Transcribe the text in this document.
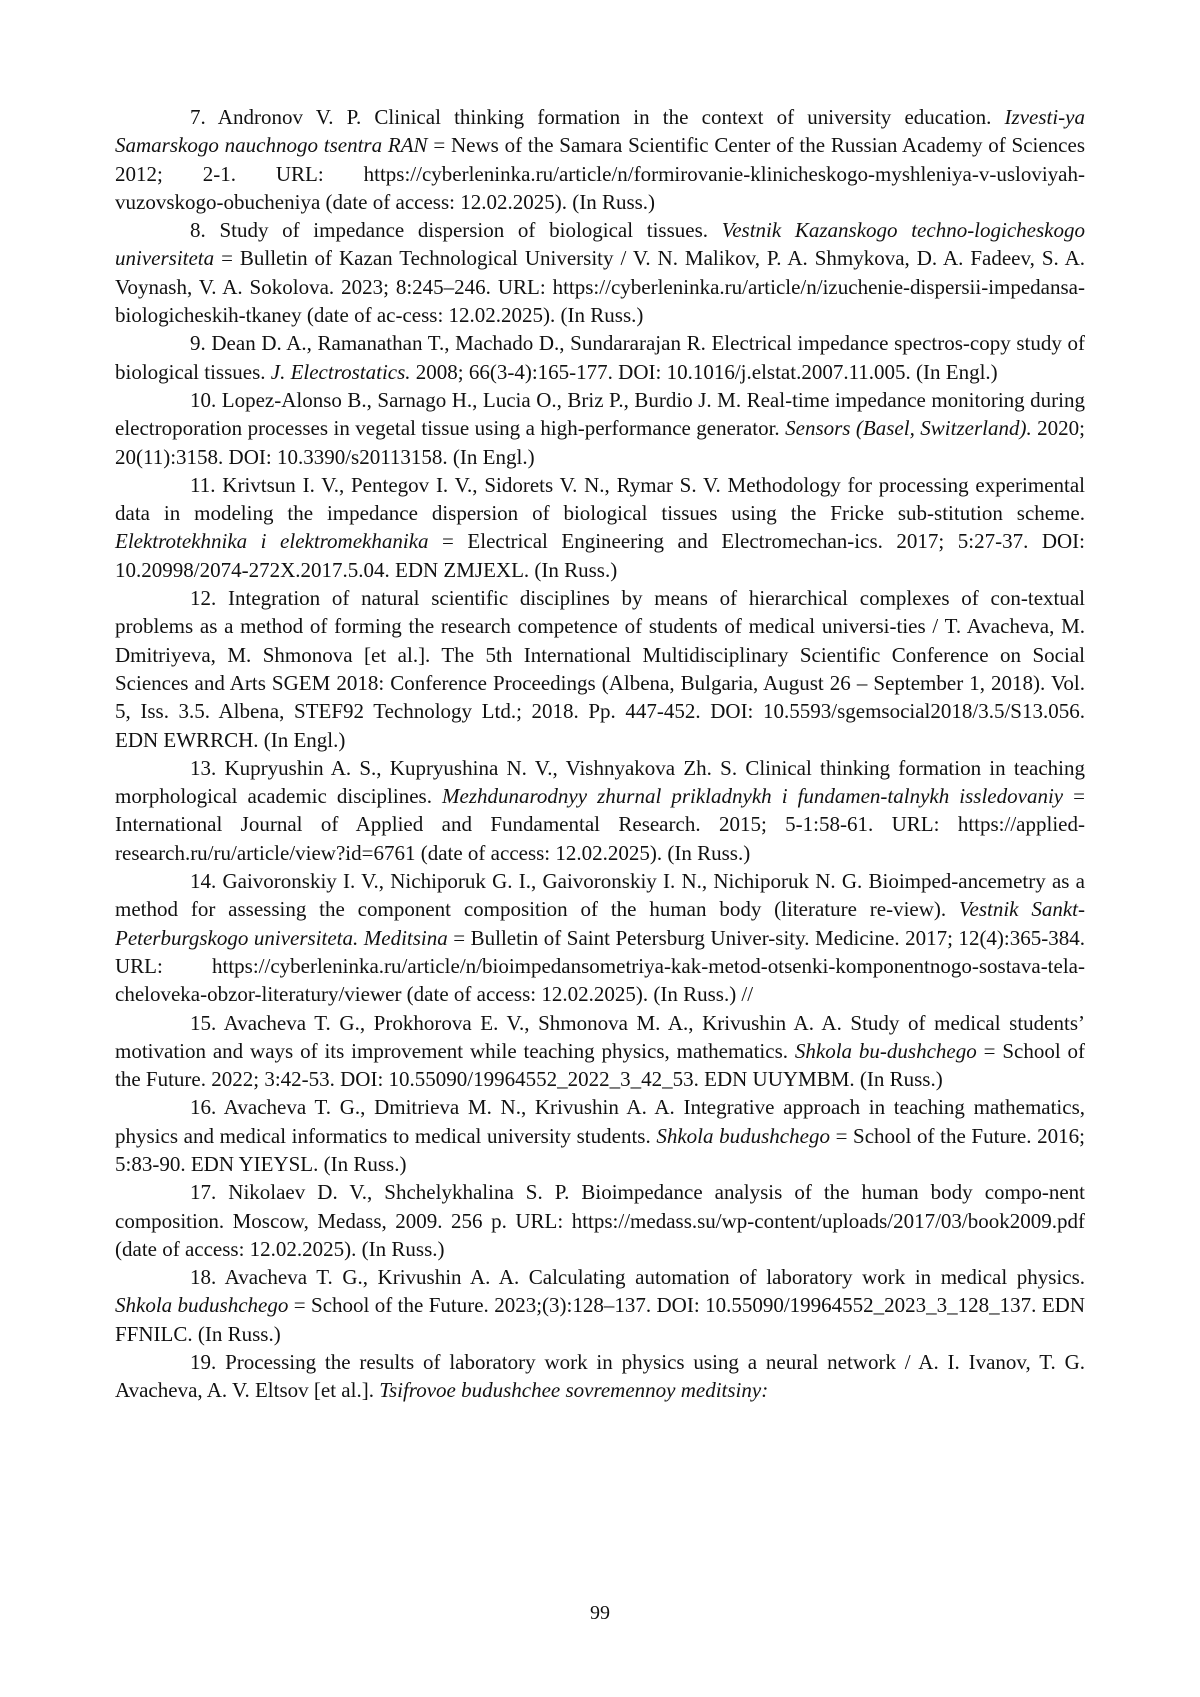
7. Andronov V. P. Clinical thinking formation in the context of university education. Izvesti-ya Samarskogo nauchnogo tsentra RAN = News of the Samara Scientific Center of the Russian Academy of Sciences 2012; 2-1. URL: https://cyberleninka.ru/article/n/formirovanie-klinicheskogo-myshleniya-v-usloviyah-vuzovskogo-obucheniya (date of access: 12.02.2025). (In Russ.)

8. Study of impedance dispersion of biological tissues. Vestnik Kazanskogo techno-logicheskogo universiteta = Bulletin of Kazan Technological University / V. N. Malikov, P. A. Shmykova, D. A. Fadeev, S. A. Voynash, V. A. Sokolova. 2023; 8:245–246. URL: https://cyberleninka.ru/article/n/izuchenie-dispersii-impedansa-biologicheskih-tkaney (date of ac-cess: 12.02.2025). (In Russ.)

9. Dean D. A., Ramanathan T., Machado D., Sundararajan R. Electrical impedance spectros-copy study of biological tissues. J. Electrostatics. 2008; 66(3-4):165-177. DOI: 10.1016/j.elstat.2007.11.005. (In Engl.)

10. Lopez-Alonso B., Sarnago H., Lucia O., Briz P., Burdio J. M. Real-time impedance monitoring during electroporation processes in vegetal tissue using a high-performance generator. Sensors (Basel, Switzerland). 2020; 20(11):3158. DOI: 10.3390/s20113158. (In Engl.)

11. Krivtsun I. V., Pentegov I. V., Sidorets V. N., Rymar S. V. Methodology for processing experimental data in modeling the impedance dispersion of biological tissues using the Fricke sub-stitution scheme. Elektrotekhnika i elektromekhanika = Electrical Engineering and Electromechan-ics. 2017; 5:27-37. DOI: 10.20998/2074-272X.2017.5.04. EDN ZMJEXL. (In Russ.)

12. Integration of natural scientific disciplines by means of hierarchical complexes of con-textual problems as a method of forming the research competence of students of medical universi-ties / T. Avacheva, M. Dmitriyeva, M. Shmonova [et al.]. The 5th International Multidisciplinary Scientific Conference on Social Sciences and Arts SGEM 2018: Conference Proceedings (Albena, Bulgaria, August 26 – September 1, 2018). Vol. 5, Iss. 3.5. Albena, STEF92 Technology Ltd.; 2018. Pp. 447-452. DOI: 10.5593/sgemsocial2018/3.5/S13.056. EDN EWRRCH. (In Engl.)

13. Kupryushin A. S., Kupryushina N. V., Vishnyakova Zh. S. Clinical thinking formation in teaching morphological academic disciplines. Mezhdunarodnyy zhurnal prikladnykh i fundamen-talnykh issledovaniy = International Journal of Applied and Fundamental Research. 2015; 5-1:58-61. URL: https://applied-research.ru/ru/article/view?id=6761 (date of access: 12.02.2025). (In Russ.)

14. Gaivoronskiy I. V., Nichiporuk G. I., Gaivoronskiy I. N., Nichiporuk N. G. Bioimped-ancemetry as a method for assessing the component composition of the human body (literature re-view). Vestnik Sankt-Peterburgskogo universiteta. Meditsina = Bulletin of Saint Petersburg Univer-sity. Medicine. 2017; 12(4):365-384. URL: https://cyberleninka.ru/article/n/bioimpedansometriya-kak-metod-otsenki-komponentnogo-sostava-tela-cheloveka-obzor-literatury/viewer (date of access: 12.02.2025). (In Russ.) //

15. Avacheva T. G., Prokhorova E. V., Shmonova M. A., Krivushin A. A. Study of medical students’ motivation and ways of its improvement while teaching physics, mathematics. Shkola bu-dushchego = School of the Future. 2022; 3:42-53. DOI: 10.55090/19964552_2022_3_42_53. EDN UUYMBM. (In Russ.)

16. Avacheva T. G., Dmitrieva M. N., Krivushin A. A. Integrative approach in teaching mathematics, physics and medical informatics to medical university students. Shkola budushchego = School of the Future. 2016; 5:83-90. EDN YIEYSL. (In Russ.)

17. Nikolaev D. V., Shchelykhalina S. P. Bioimpedance analysis of the human body compo-nent composition. Moscow, Medass, 2009. 256 p. URL: https://medass.su/wp-content/uploads/2017/03/book2009.pdf (date of access: 12.02.2025). (In Russ.)

18. Avacheva T. G., Krivushin A. A. Calculating automation of laboratory work in medical physics. Shkola budushchego = School of the Future. 2023;(3):128–137. DOI: 10.55090/19964552_2023_3_128_137. EDN FFNILC. (In Russ.)

19. Processing the results of laboratory work in physics using a neural network / A. I. Ivanov, T. G. Avacheva, A. V. Eltsov [et al.]. Tsifrovoe budushchee sovremennoy meditsiny:

99
